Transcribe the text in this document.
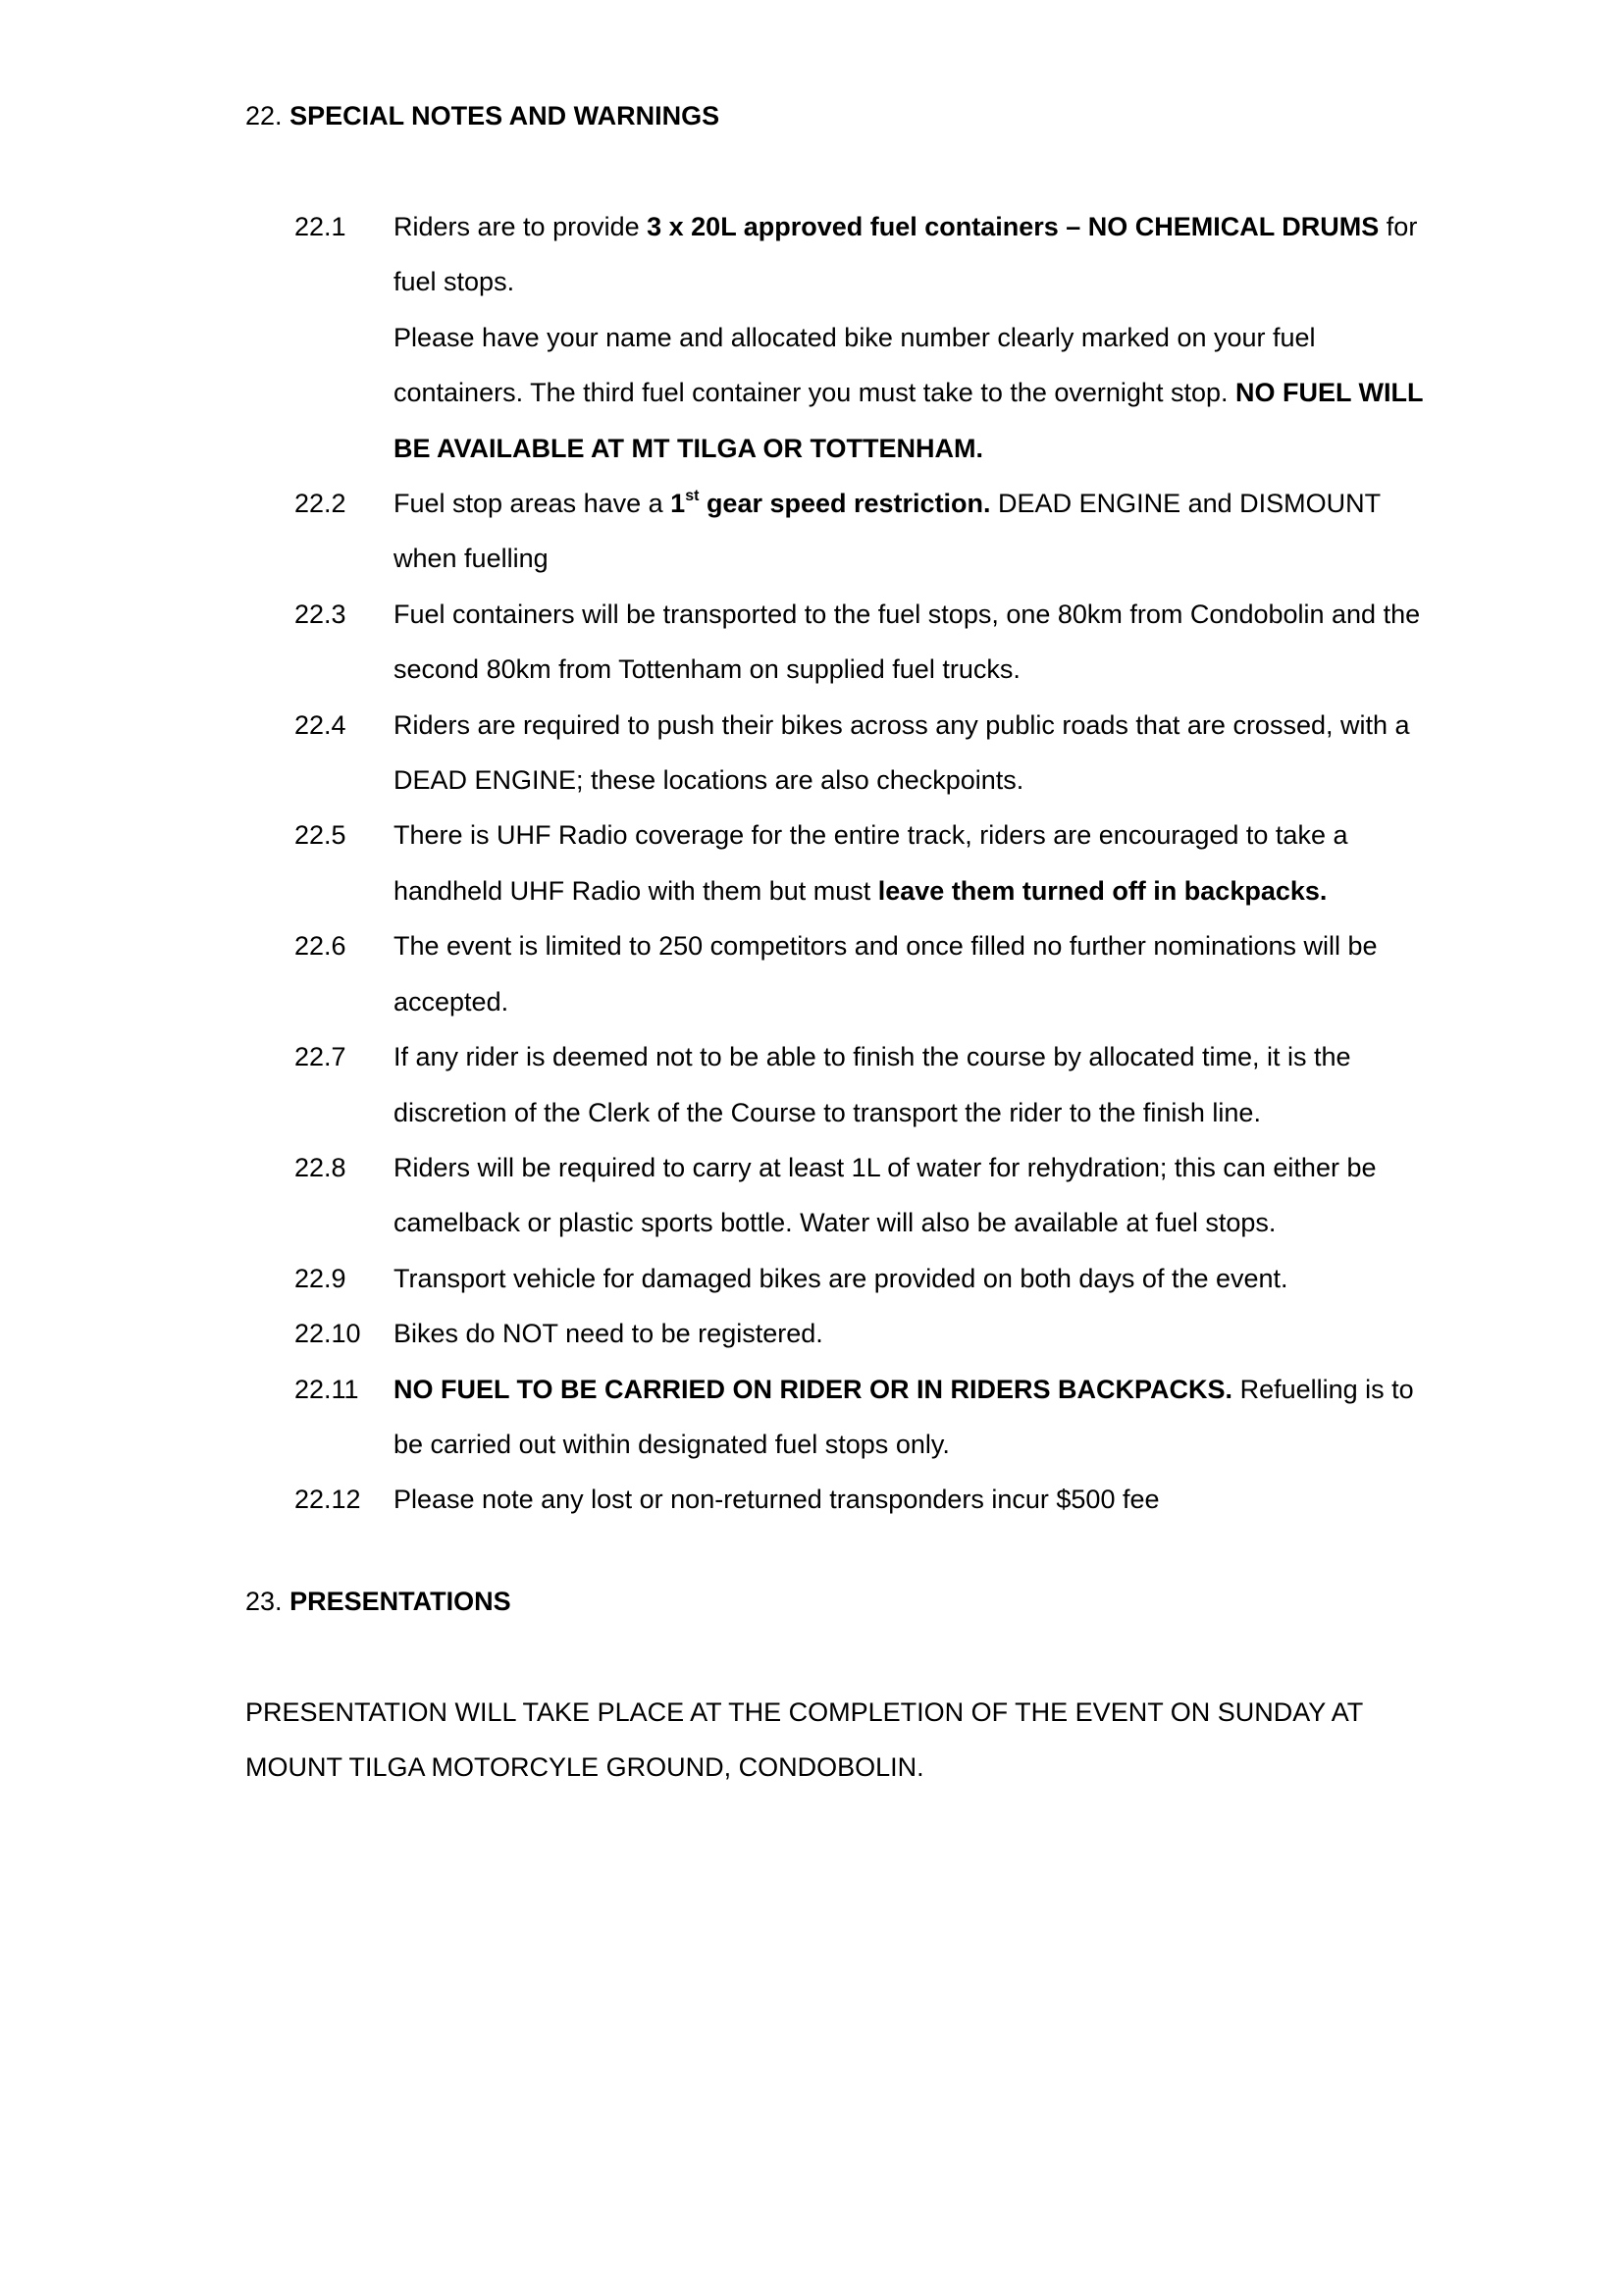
22. SPECIAL NOTES AND WARNINGS
22.1 Riders are to provide 3 x 20L approved fuel containers – NO CHEMICAL DRUMS for fuel stops.
Please have your name and allocated bike number clearly marked on your fuel containers. The third fuel container you must take to the overnight stop. NO FUEL WILL BE AVAILABLE AT MT TILGA OR TOTTENHAM.
22.2 Fuel stop areas have a 1st gear speed restriction. DEAD ENGINE and DISMOUNT when fuelling
22.3 Fuel containers will be transported to the fuel stops, one 80km from Condobolin and the second 80km from Tottenham on supplied fuel trucks.
22.4 Riders are required to push their bikes across any public roads that are crossed, with a DEAD ENGINE; these locations are also checkpoints.
22.5 There is UHF Radio coverage for the entire track, riders are encouraged to take a handheld UHF Radio with them but must leave them turned off in backpacks.
22.6 The event is limited to 250 competitors and once filled no further nominations will be accepted.
22.7 If any rider is deemed not to be able to finish the course by allocated time, it is the discretion of the Clerk of the Course to transport the rider to the finish line.
22.8 Riders will be required to carry at least 1L of water for rehydration; this can either be camelback or plastic sports bottle. Water will also be available at fuel stops.
22.9 Transport vehicle for damaged bikes are provided on both days of the event.
22.10 Bikes do NOT need to be registered.
22.11 NO FUEL TO BE CARRIED ON RIDER OR IN RIDERS BACKPACKS. Refuelling is to be carried out within designated fuel stops only.
22.12 Please note any lost or non-returned transponders incur $500 fee
23. PRESENTATIONS
PRESENTATION WILL TAKE PLACE AT THE COMPLETION OF THE EVENT ON SUNDAY AT MOUNT TILGA MOTORCYLE GROUND, CONDOBOLIN.
